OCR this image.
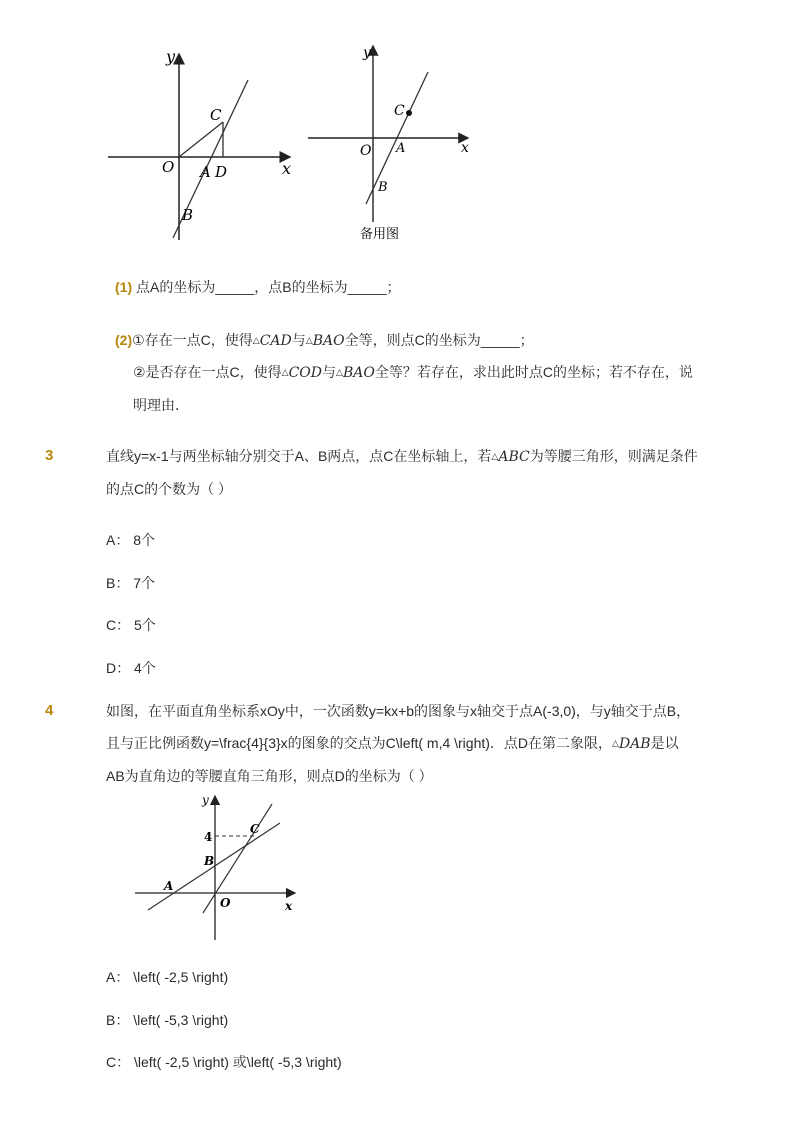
y
x
O A D
C
B
y
x
O A
C
B
备用图
(1) 点A的坐标为_____，点B的坐标为_____；
(2)①存在一点C，使得△CAD与△BAO全等，则点C的坐标为_____；
②是否存在一点C，使得△COD与△BAO全等？若存在，求出此时点C的坐标；若不存在，说
明理由．
3	直线y=x-1与两坐标轴分别交于A、B两点，点C在坐标轴上，若△ABC为等腰三角形，则满足条件
的点C的个数为（ ）
A： 8个
B： 7个
C： 5个
D： 4个
4	如图，在平面直角坐标系xOy中，一次函数y=kx+b的图象与x轴交于点A(-3,0)，与y轴交于点B，
且与正比例函数y=\frac{4}{3}x的图象的交点为C\left( m,4 \right)．点D在第二象限，△DAB是以
AB为直角边的等腰直角三角形，则点D的坐标为（ ）
y
x
4
A
B
C
O
A： \left( -2,5 \right)
B： \left( -5,3 \right)
C： \left( -2,5 \right) 或\left( -5,3 \right)
